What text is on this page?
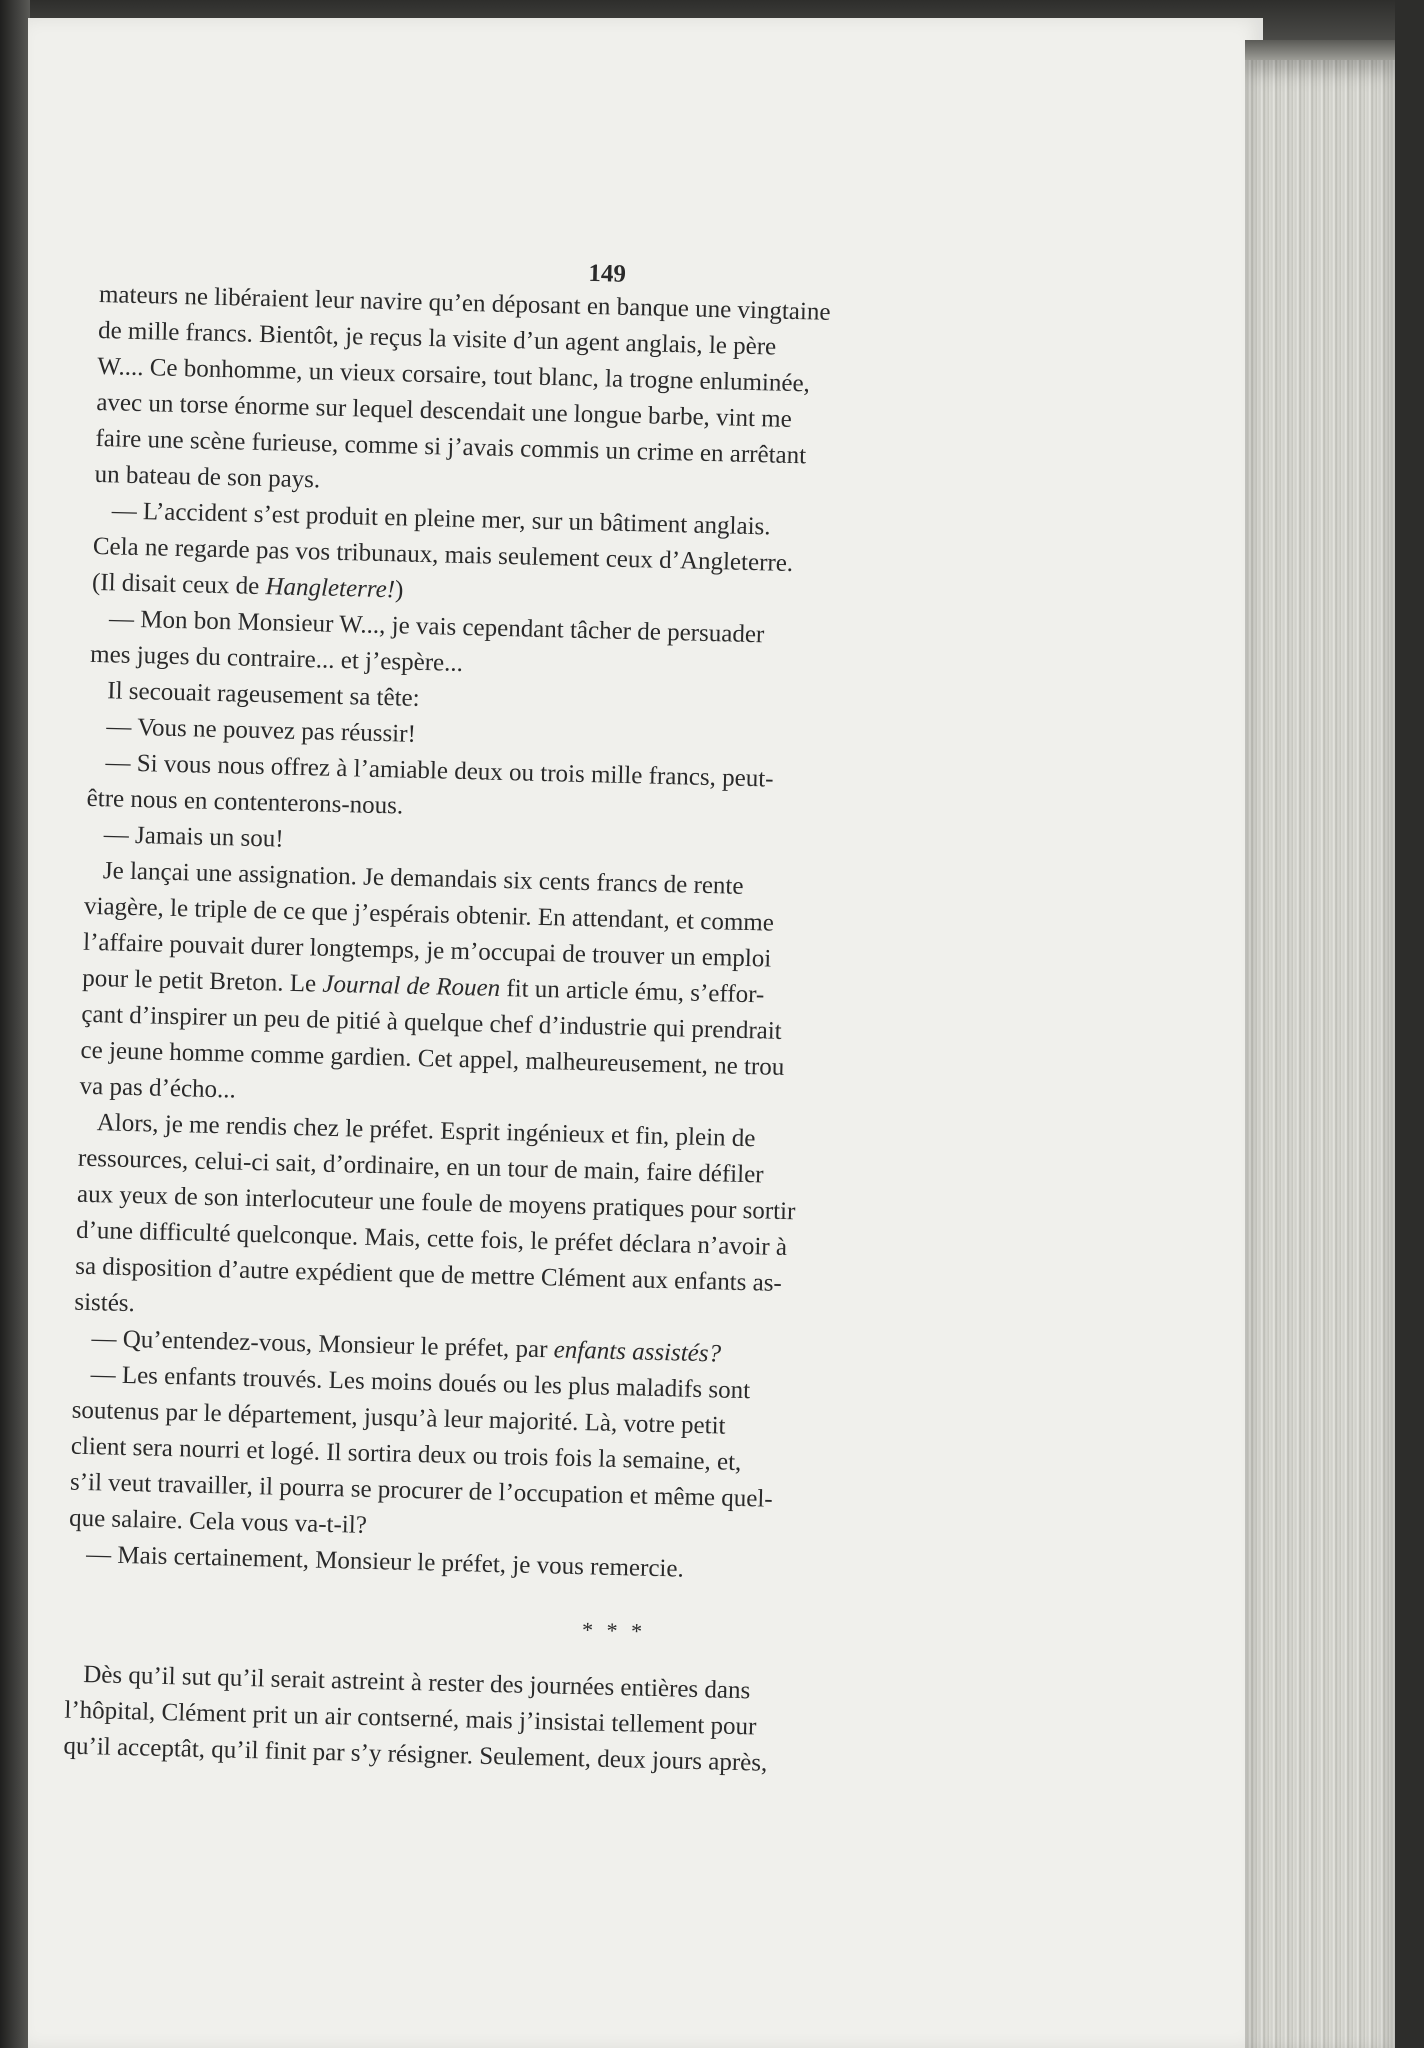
149

mateurs ne libéraient leur navire qu’en déposant en banque une vingtaine
de mille francs. Bientôt, je reçus la visite d’un agent anglais, le père
W.... Ce bonhomme, un vieux corsaire, tout blanc, la trogne enluminée,
avec un torse énorme sur lequel descendait une longue barbe, vint me
faire une scène furieuse, comme si j’avais commis un crime en arrêtant
un bateau de son pays.

— L’accident s’est produit en pleine mer, sur un bâtiment anglais.
Cela ne regarde pas vos tribunaux, mais seulement ceux d’Angleterre.
(Il disait ceux de Hangleterre!)

— Mon bon Monsieur W..., je vais cependant tâcher de persuader
mes juges du contraire... et j’espère...

Il secouait rageusement sa tête:

— Vous ne pouvez pas réussir!

— Si vous nous offrez à l’amiable deux ou trois mille francs, peut-
être nous en contenterons-nous.

— Jamais un sou!

Je lançai une assignation. Je demandais six cents francs de rente
viagère, le triple de ce que j’espérais obtenir. En attendant, et comme
l’affaire pouvait durer longtemps, je m’occupai de trouver un emploi
pour le petit Breton. Le Journal de Rouen fit un article ému, s’effor-
çant d’inspirer un peu de pitié à quelque chef d’industrie qui prendrait
ce jeune homme comme gardien. Cet appel, malheureusement, ne trou
va pas d’écho...

Alors, je me rendis chez le préfet. Esprit ingénieux et fin, plein de
ressources, celui-ci sait, d’ordinaire, en un tour de main, faire défiler
aux yeux de son interlocuteur une foule de moyens pratiques pour sortir
d’une difficulté quelconque. Mais, cette fois, le préfet déclara n’avoir à
sa disposition d’autre expédient que de mettre Clément aux enfants as-
sistés.

— Qu’entendez-vous, Monsieur le préfet, par enfants assistés?

— Les enfants trouvés. Les moins doués ou les plus maladifs sont
soutenus par le département, jusqu’à leur majorité. Là, votre petit
client sera nourri et logé. Il sortira deux ou trois fois la semaine, et,
s’il veut travailler, il pourra se procurer de l’occupation et même quel-
que salaire. Cela vous va-t-il?

— Mais certainement, Monsieur le préfet, je vous remercie.

* * *

Dès qu’il sut qu’il serait astreint à rester des journées entières dans
l’hôpital, Clément prit un air contserné, mais j’insistai tellement pour
qu’il acceptât, qu’il finit par s’y résigner. Seulement, deux jours après,
